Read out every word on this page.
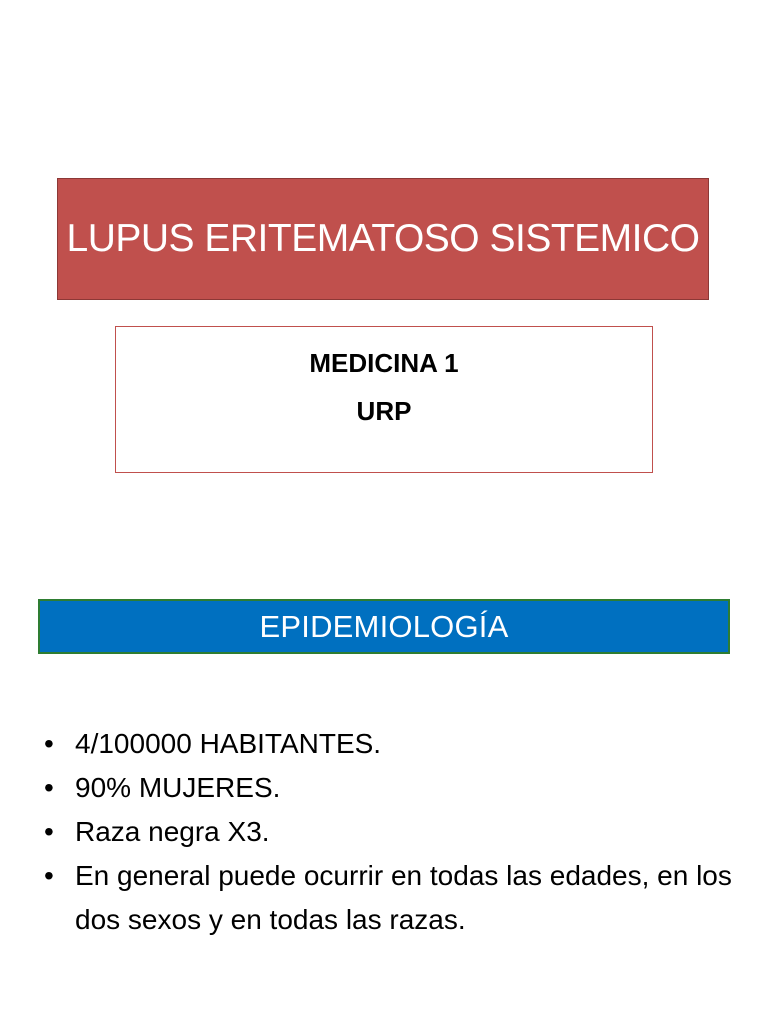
LUPUS ERITEMATOSO SISTEMICO
MEDICINA 1
URP
EPIDEMIOLOGÍA
• 4/100000 HABITANTES.
• 90% MUJERES.
• Raza negra X3.
• En general puede ocurrir en todas las edades, en los dos sexos y en todas las razas.
